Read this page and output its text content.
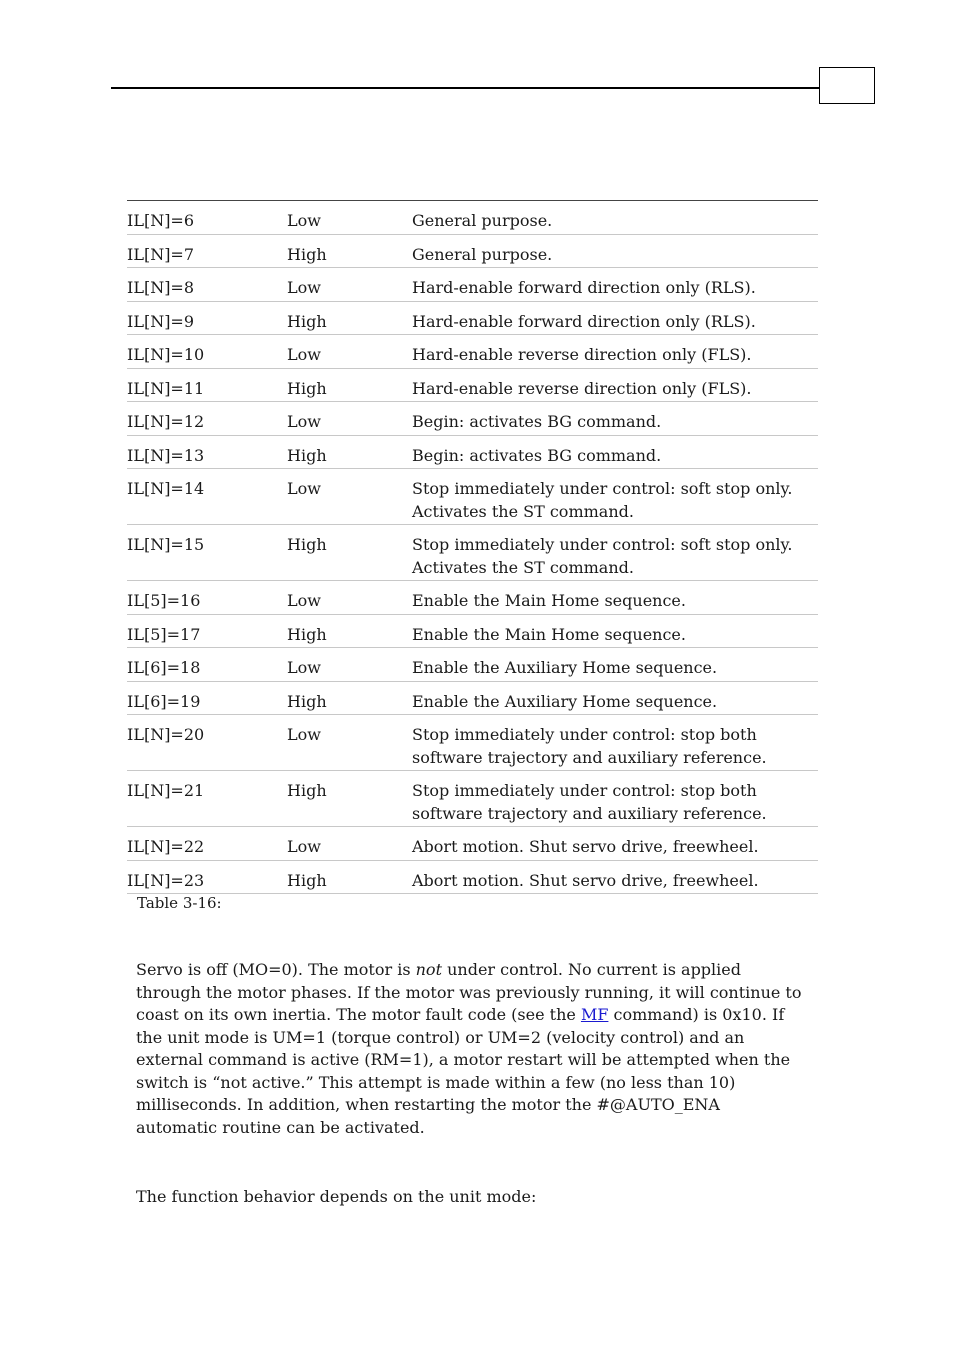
IL[N]=6	Low	General purpose.
IL[N]=7	High	General purpose.
IL[N]=8	Low	Hard-enable forward direction only (RLS).
IL[N]=9	High	Hard-enable forward direction only (RLS).
IL[N]=10	Low	Hard-enable reverse direction only (FLS).
IL[N]=11	High	Hard-enable reverse direction only (FLS).
IL[N]=12	Low	Begin: activates BG command.
IL[N]=13	High	Begin: activates BG command.
IL[N]=14	Low	Stop immediately under control: soft stop only.
Activates the ST command.
IL[N]=15	High	Stop immediately under control: soft stop only.
Activates the ST command.
IL[5]=16	Low	Enable the Main Home sequence.
IL[5]=17	High	Enable the Main Home sequence.
IL[6]=18	Low	Enable the Auxiliary Home sequence.
IL[6]=19	High	Enable the Auxiliary Home sequence.
IL[N]=20	Low	Stop immediately under control: stop both
software trajectory and auxiliary reference.
IL[N]=21	High	Stop immediately under control: stop both
software trajectory and auxiliary reference.
IL[N]=22	Low	Abort motion. Shut servo drive, freewheel.
IL[N]=23	High	Abort motion. Shut servo drive, freewheel.
Table 3-16:

Servo is off (MO=0). The motor is not under control. No current is applied through the motor phases. If the motor was previously running, it will continue to coast on its own inertia. The motor fault code (see the MF command) is 0x10. If the unit mode is UM=1 (torque control) or UM=2 (velocity control) and an external command is active (RM=1), a motor restart will be attempted when the switch is “not active.” This attempt is made within a few (no less than 10) milliseconds. In addition, when restarting the motor the #@AUTO_ENA automatic routine can be activated.

The function behavior depends on the unit mode:
